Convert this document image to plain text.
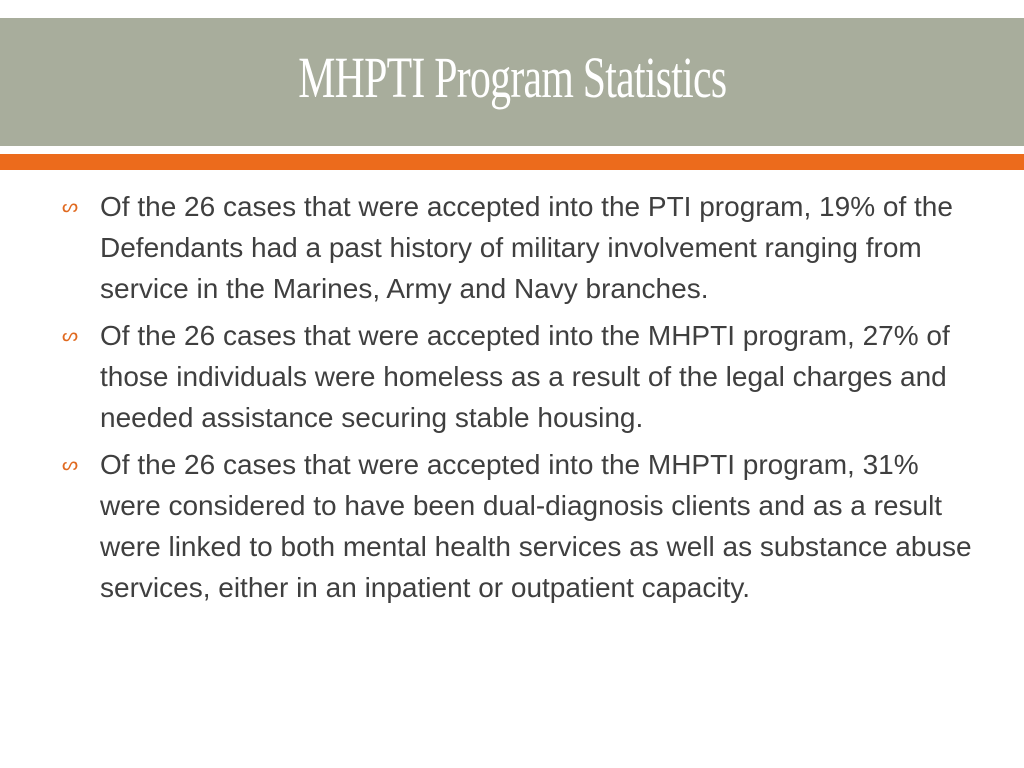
MHPTI Program Statistics
ᔕ Of the 26 cases that were accepted into the PTI program, 19% of the Defendants had a past history of military involvement ranging from service in the Marines, Army and Navy branches.
ᔕ Of the 26 cases that were accepted into the MHPTI program, 27% of those individuals were homeless as a result of the legal charges and needed assistance securing stable housing.
ᔕ Of the 26 cases that were accepted into the MHPTI program, 31% were considered to have been dual-diagnosis clients and as a result were linked to both mental health services as well as substance abuse services, either in an inpatient or outpatient capacity.
